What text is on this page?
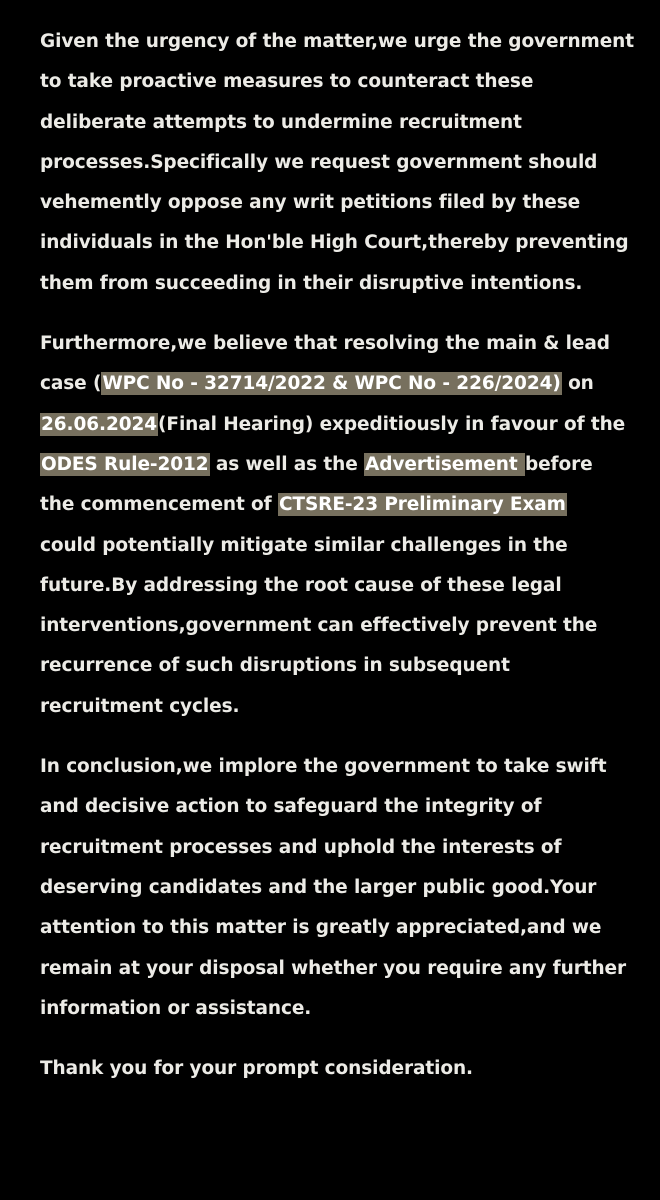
Given the urgency of the matter,we urge the government
to take proactive measures to counteract these
deliberate attempts to undermine recruitment
processes.Specifically we request government should
vehemently oppose any writ petitions filed by these
individuals in the Hon'ble High Court,thereby preventing
them from succeeding in their disruptive intentions.
Furthermore,we believe that resolving the main & lead
case (WPC No - 32714/2022 & WPC No - 226/2024) on
26.06.2024(Final Hearing) expeditiously in favour of the
ODES Rule-2012 as well as the Advertisement before
the commencement of CTSRE-23 Preliminary Exam
could potentially mitigate similar challenges in the
future.By addressing the root cause of these legal
interventions,government can effectively prevent the
recurrence of such disruptions in subsequent
recruitment cycles.
In conclusion,we implore the government to take swift
and decisive action to safeguard the integrity of
recruitment processes and uphold the interests of
deserving candidates and the larger public good.Your
attention to this matter is greatly appreciated,and we
remain at your disposal whether you require any further
information or assistance.
Thank you for your prompt consideration.
